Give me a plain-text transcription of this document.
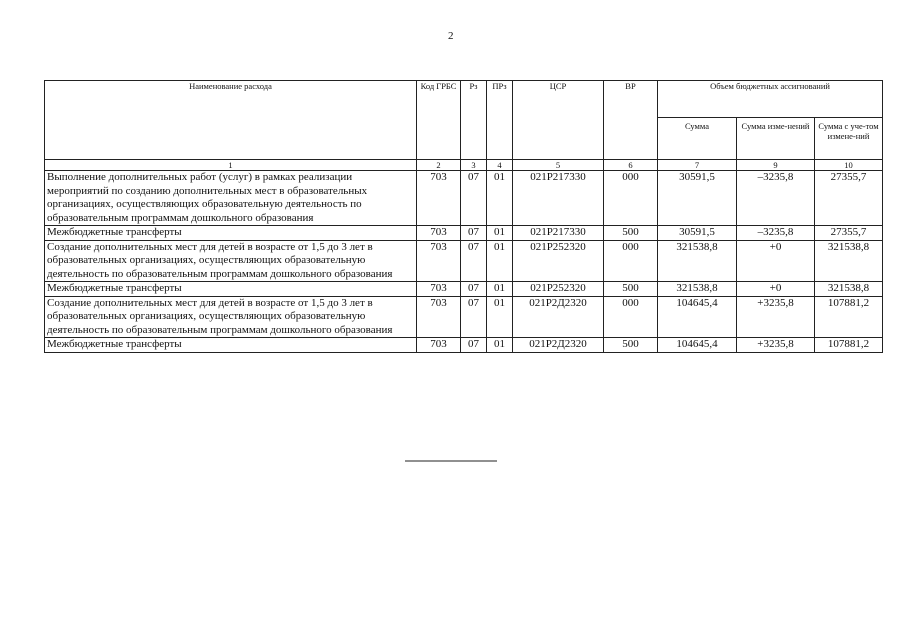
2
Наименование расхода	Код ГРБС	Рз	ПРз	ЦСР	ВР	Объем бюджетных ассигнований		
						Сумма	Сумма изме-нений	Сумма с уче-том измене-ний
1	2	3	4	5	6	7	9	10
Выполнение дополнительных работ (услуг) в рамках реализации мероприятий по созданию дополнительных мест в образовательных организациях, осуществляющих образовательную деятельность по образовательным программам дошкольного образования	703	07	01	021P217330	000	30591,5	–3235,8	27355,7
Межбюджетные трансферты	703	07	01	021P217330	500	30591,5	–3235,8	27355,7
Создание дополнительных мест для детей в возрасте от 1,5 до 3 лет в образовательных организациях, осуществляющих образовательную деятельность по образовательным программам дошкольного образования	703	07	01	021P252320	000	321538,8	+0	321538,8
Межбюджетные трансферты	703	07	01	021P252320	500	321538,8	+0	321538,8
Создание дополнительных мест для детей в возрасте от 1,5 до 3 лет в образовательных организациях, осуществляющих образовательную деятельность по образовательным программам дошкольного образования	703	07	01	021P2Д2320	000	104645,4	+3235,8	107881,2
Межбюджетные трансферты	703	07	01	021P2Д2320	500	104645,4	+3235,8	107881,2
